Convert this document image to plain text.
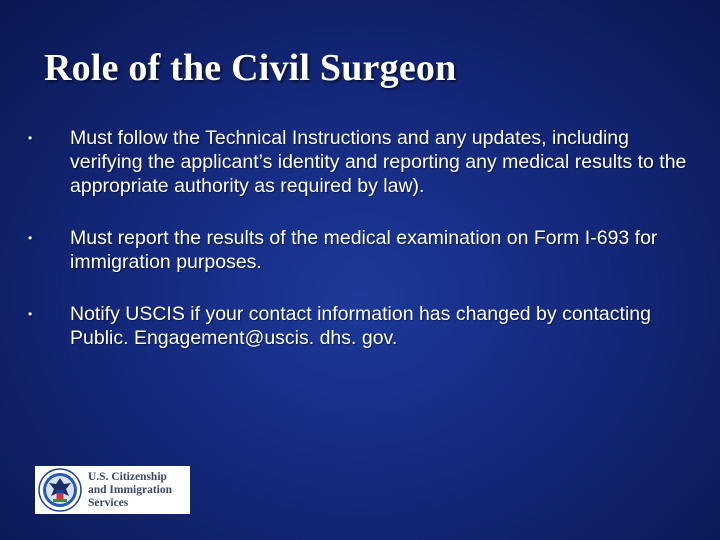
Role of the Civil Surgeon
• Must follow the Technical Instructions and any updates, including verifying the applicant’s identity and reporting any medical results to the appropriate authority as required by law).
• Must report the results of the medical examination on Form I-693 for immigration purposes.
• Notify USCIS if your contact information has changed by contacting Public. Engagement@uscis. dhs. gov.
U.S. Citizenship
and Immigration
Services
